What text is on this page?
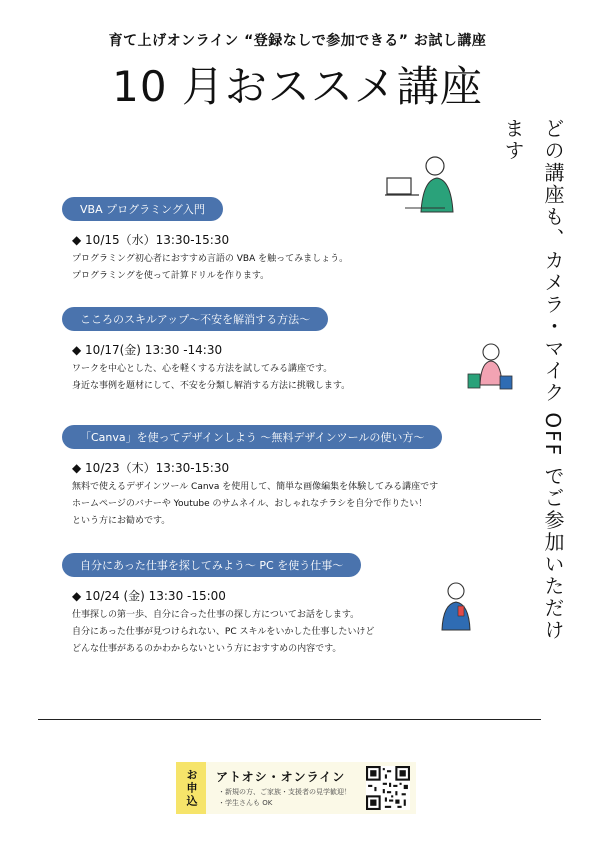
育て上げオンライン “登録なしで参加できる” お試し講座
10 月おススメ講座
どの講座も、カメラ・マイク OFF でご参加いただけます
VBA プログラミング入門
◆ 10/15（水）13:30-15:30
プログラミング初心者におすすめ言語の VBA を触ってみましょう。
プログラミングを使って計算ドリルを作ります。
こころのスキルアップ〜不安を解消する方法〜
◆ 10/17(金) 13:30 -14:30
ワークを中心とした、心を軽くする方法を試してみる講座です。
身近な事例を題材にして、不安を分類し解消する方法に挑戦します。
「Canva」を使ってデザインしよう 〜無料デザインツールの使い方〜
◆ 10/23（木）13:30-15:30
無料で使えるデザインツール Canva を使用して、簡単な画像編集を体験してみる講座です
ホームページのバナーや Youtube のサムネイル、おしゃれなチラシを自分で作りたい！
という方にお勧めです。
自分にあった仕事を探してみよう〜 PC を使う仕事〜
◆ 10/24 (金) 13:30 -15:00
仕事探しの第一歩、自分に合った仕事の探し方についてお話をします。
自分にあった仕事が見つけられない、PC スキルをいかした仕事したいけど
どんな仕事があるのかわからないという方におすすめの内容です。
お申込	アトオシ・オンライン
・新規の方、ご家族・支援者の見学歓迎！
・学生さんも OK
